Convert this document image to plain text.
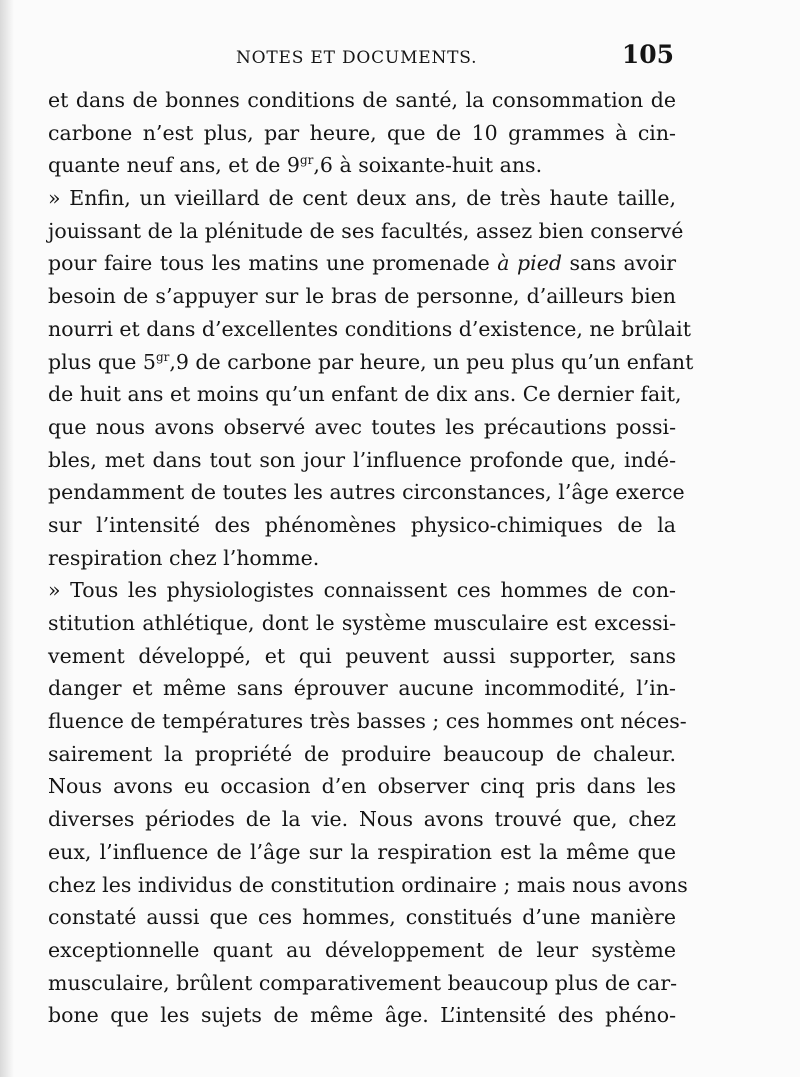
NOTES ET DOCUMENTS.	105
et dans de bonnes conditions de santé, la consommation de
carbone n’est plus, par heure, que de 10 grammes à cin-
quante neuf ans, et de $9^{gr},6$ à soixante-huit ans.
» Enfin, un vieillard de cent deux ans, de très haute taille,
jouissant de la plénitude de ses facultés, assez bien conservé
pour faire tous les matins une promenade à pied sans avoir
besoin de s’appuyer sur le bras de personne, d’ailleurs bien
nourri et dans d’excellentes conditions d’existence, ne brûlait
plus que $5^{gr},9$ de carbone par heure, un peu plus qu’un enfant
de huit ans et moins qu’un enfant de dix ans. Ce dernier fait,
que nous avons observé avec toutes les précautions possi-
bles, met dans tout son jour l’influence profonde que, indé-
pendamment de toutes les autres circonstances, l’âge exerce
sur l’intensité des phénomènes physico-chimiques de la
respiration chez l’homme.
» Tous les physiologistes connaissent ces hommes de con-
stitution athlétique, dont le système musculaire est excessi-
vement développé, et qui peuvent aussi supporter, sans
danger et même sans éprouver aucune incommodité, l’in-
fluence de températures très basses ; ces hommes ont néces-
sairement la propriété de produire beaucoup de chaleur.
Nous avons eu occasion d’en observer cinq pris dans les
diverses périodes de la vie. Nous avons trouvé que, chez
eux, l’influence de l’âge sur la respiration est la même que
chez les individus de constitution ordinaire ; mais nous avons
constaté aussi que ces hommes, constitués d’une manière
exceptionnelle quant au développement de leur système
musculaire, brûlent comparativement beaucoup plus de car-
bone que les sujets de même âge. L’intensité des phéno-
